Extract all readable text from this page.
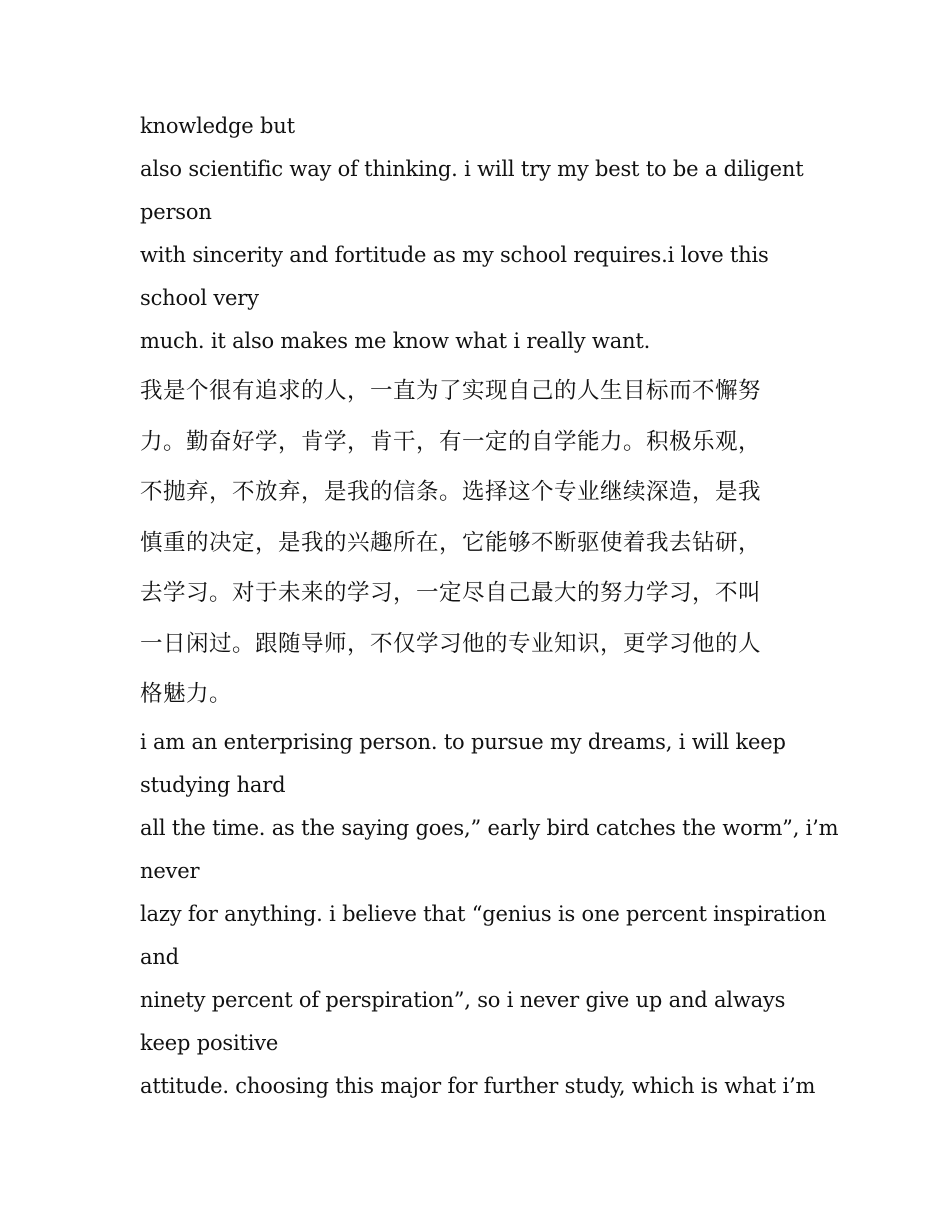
knowledge but
also scientific way of thinking. i will try my best to be a diligent
person
with sincerity and fortitude as my school requires.i love this
school very
much. it also makes me know what i really want.
我是个很有追求的人，一直为了实现自己的人生目标而不懈努
力。勤奋好学，肯学，肯干，有一定的自学能力。积极乐观，
不抛弃，不放弃，是我的信条。选择这个专业继续深造，是我
慎重的决定，是我的兴趣所在，它能够不断驱使着我去钻研，
去学习。对于未来的学习，一定尽自己最大的努力学习，不叫
一日闲过。跟随导师，不仅学习他的专业知识，更学习他的人
格魅力。
i am an enterprising person. to pursue my dreams, i will keep
studying hard
all the time. as the saying goes,” early bird catches the worm”, i’m
never
lazy for anything. i believe that “genius is one percent inspiration
and
ninety percent of perspiration”, so i never give up and always
keep positive
attitude. choosing this major for further study, which is what i’m
